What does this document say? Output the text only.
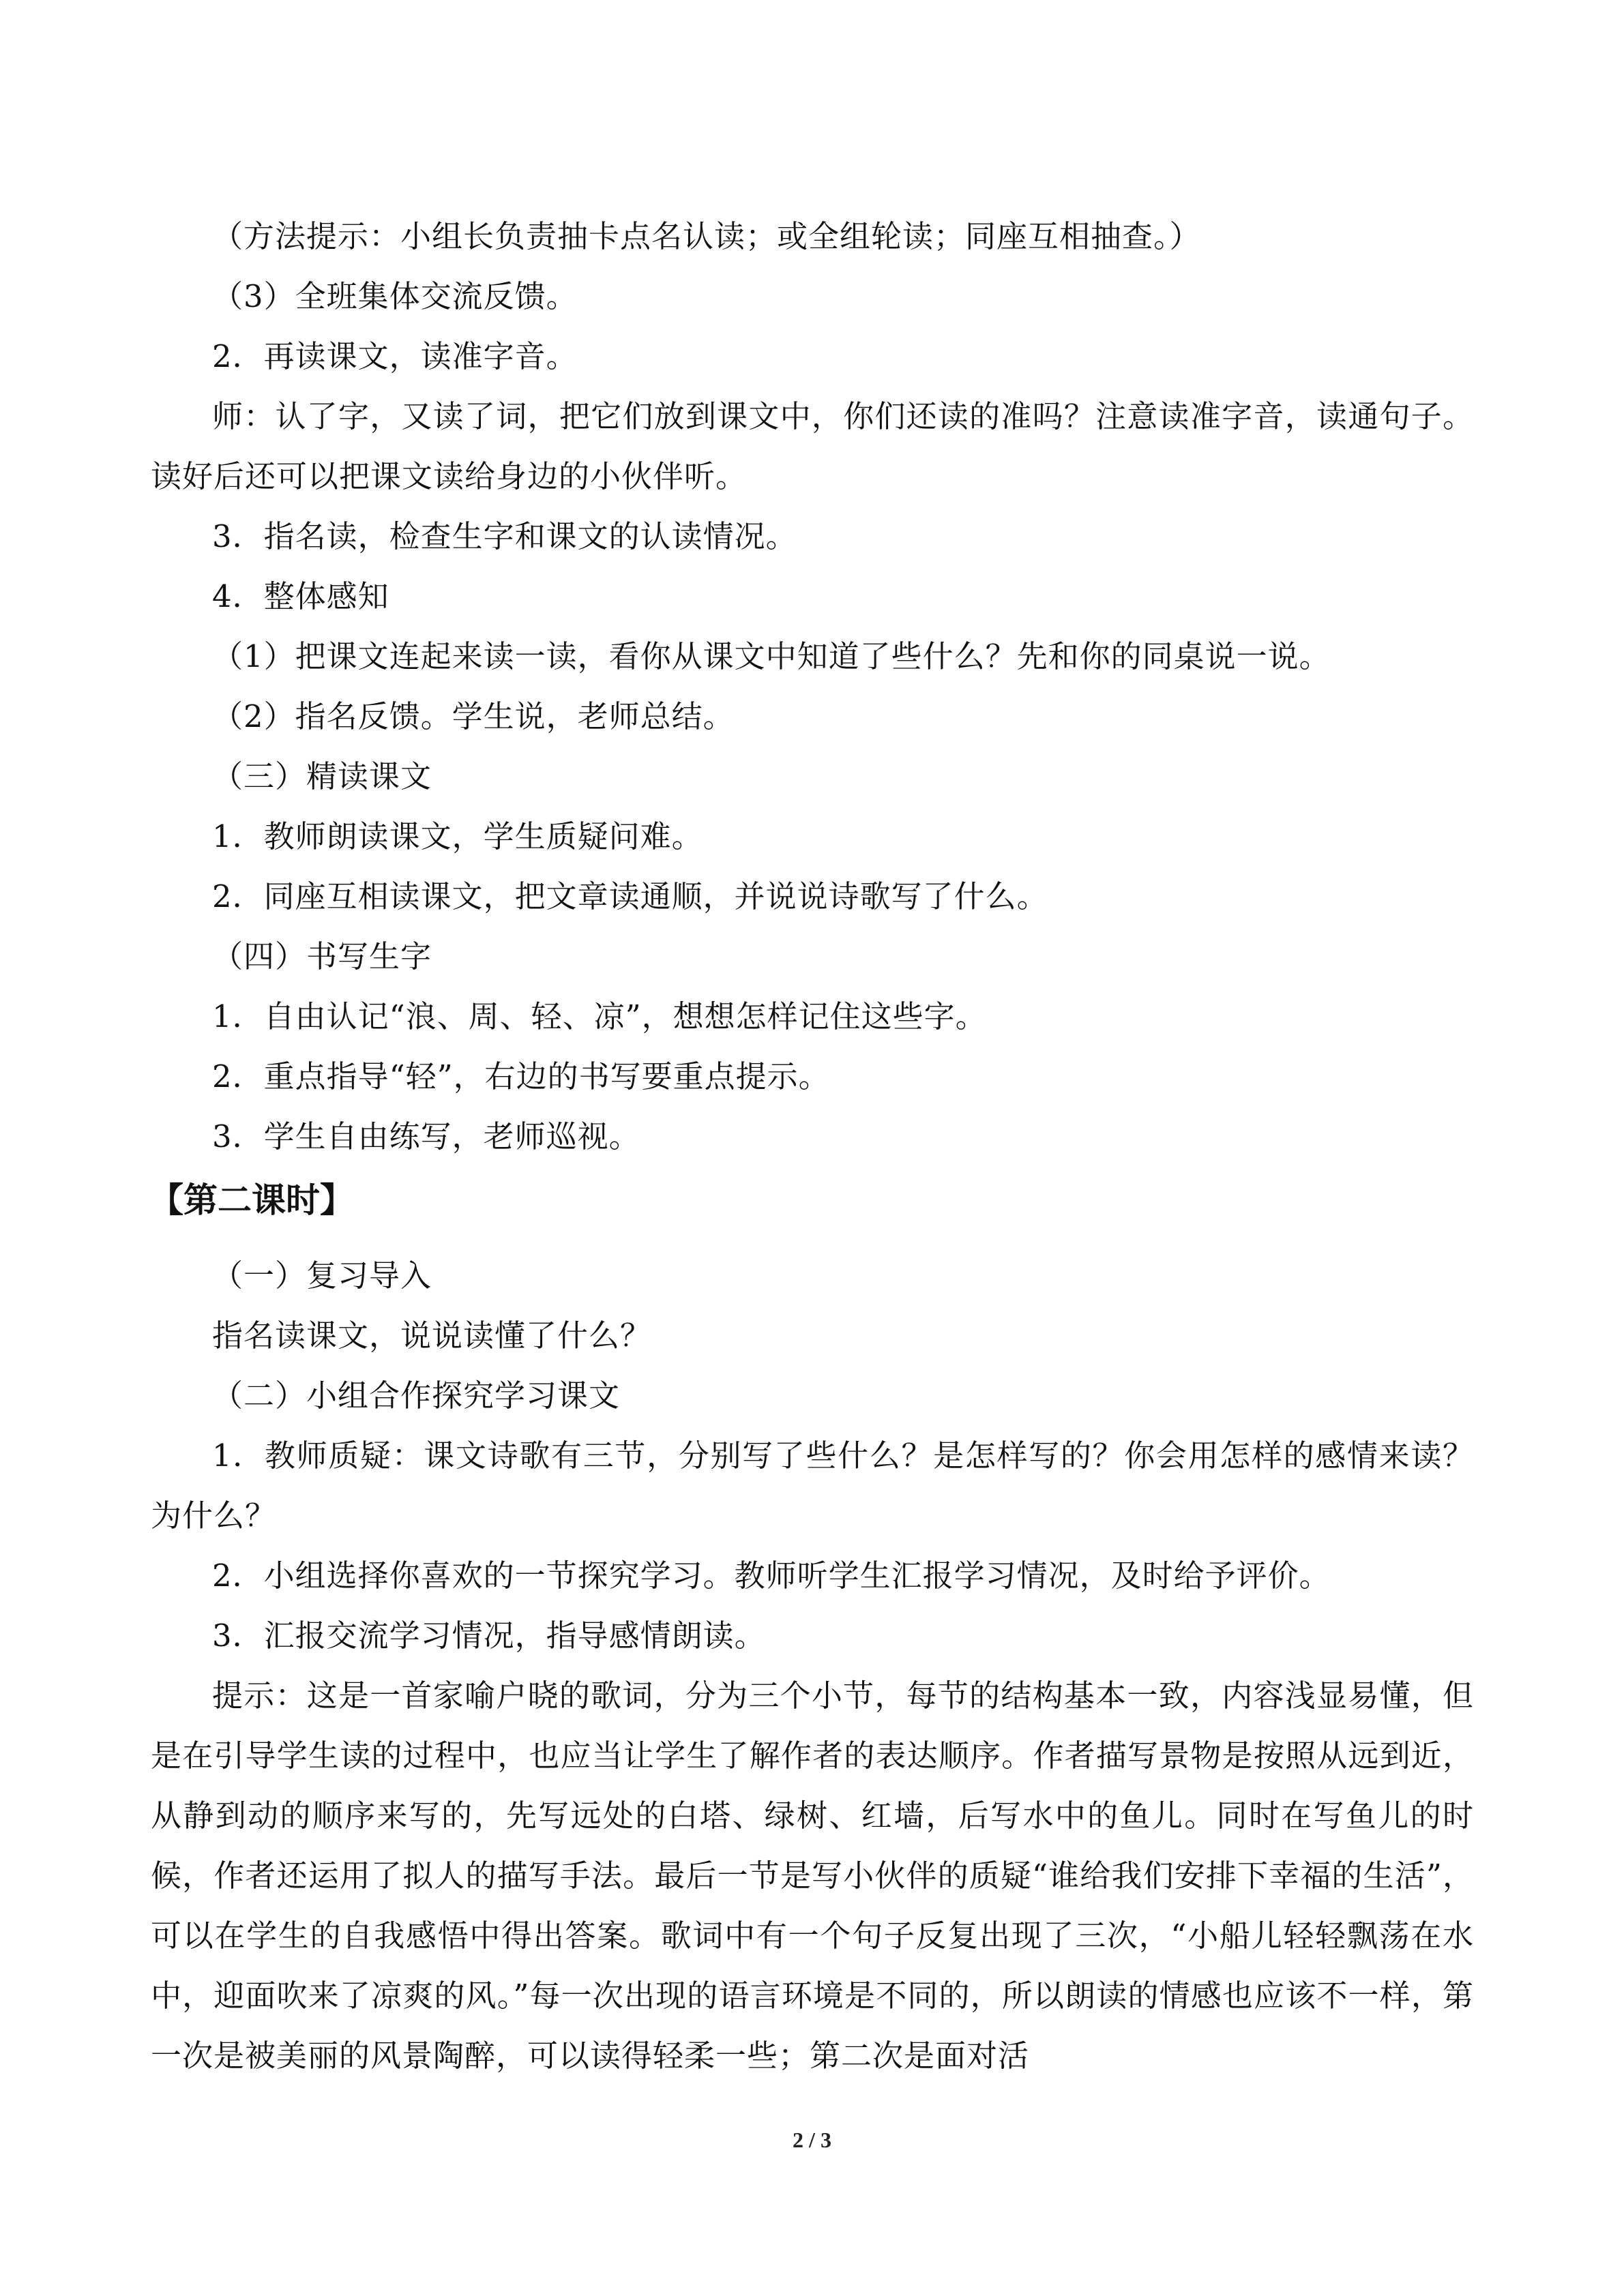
（方法提示：小组长负责抽卡点名认读；或全组轮读；同座互相抽查。）

（3）全班集体交流反馈。

2．再读课文，读准字音。

师：认了字，又读了词，把它们放到课文中，你们还读的准吗？注意读准字音，读通句子。读好后还可以把课文读给身边的小伙伴听。

3．指名读，检查生字和课文的认读情况。

4．整体感知

（1）把课文连起来读一读，看你从课文中知道了些什么？先和你的同桌说一说。

（2）指名反馈。学生说，老师总结。

（三）精读课文

1．教师朗读课文，学生质疑问难。

2．同座互相读课文，把文章读通顺，并说说诗歌写了什么。

（四）书写生字

1．自由认记“浪、周、轻、凉”，想想怎样记住这些字。

2．重点指导“轻”，右边的书写要重点提示。

3．学生自由练写，老师巡视。

【第二课时】

（一）复习导入

指名读课文，说说读懂了什么？

（二）小组合作探究学习课文

1．教师质疑：课文诗歌有三节，分别写了些什么？是怎样写的？你会用怎样的感情来读？为什么？

2．小组选择你喜欢的一节探究学习。教师听学生汇报学习情况，及时给予评价。

3．汇报交流学习情况，指导感情朗读。

提示：这是一首家喻户晓的歌词，分为三个小节，每节的结构基本一致，内容浅显易懂，但是在引导学生读的过程中，也应当让学生了解作者的表达顺序。作者描写景物是按照从远到近，从静到动的顺序来写的，先写远处的白塔、绿树、红墙，后写水中的鱼儿。同时在写鱼儿的时候，作者还运用了拟人的描写手法。最后一节是写小伙伴的质疑“谁给我们安排下幸福的生活”，可以在学生的自我感悟中得出答案。歌词中有一个句子反复出现了三次，“小船儿轻轻飘荡在水中，迎面吹来了凉爽的风。”每一次出现的语言环境是不同的，所以朗读的情感也应该不一样，第一次是被美丽的风景陶醉，可以读得轻柔一些；第二次是面对活

2 / 3
